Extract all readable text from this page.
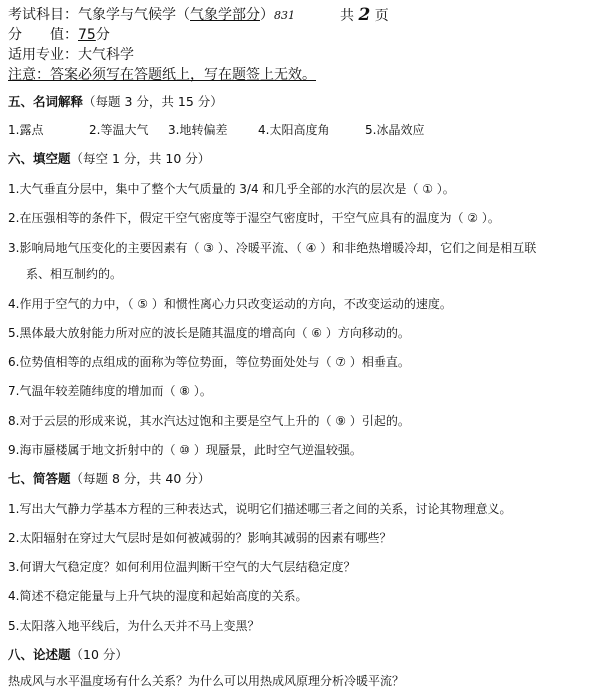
考试科目：气象学与气候学（气象学部分）831	共 2 页
分　　值：75分
适用专业：大气科学
注意：答案必须写在答题纸上，写在题签上无效。
五、名词解释（每题 3 分，共 15 分）
1.露点	2.等温大气 3.地转偏差	4.太阳高度角	5.冰晶效应
六、填空题（每空 1 分，共 10 分）
1.大气垂直分层中，集中了整个大气质量的 3/4 和几乎全部的水汽的层次是（ ① ）。
2.在压强相等的条件下，假定干空气密度等于湿空气密度时，干空气应具有的温度为（ ② ）。
3.影响局地气压变化的主要因素有（ ③ ）、冷暖平流、（ ④ ）和非绝热增暖冷却，它们之间是相互联
系、相互制约的。
4.作用于空气的力中，（ ⑤ ）和惯性离心力只改变运动的方向，不改变运动的速度。
5.黑体最大放射能力所对应的波长是随其温度的增高向（ ⑥ ）方向移动的。
6.位势值相等的点组成的面称为等位势面，等位势面处处与（ ⑦ ）相垂直。
7.气温年较差随纬度的增加而（ ⑧ ）。
8.对于云层的形成来说，其水汽达过饱和主要是空气上升的（ ⑨ ）引起的。
9.海市蜃楼属于地文折射中的（ ⑩ ）现蜃景，此时空气逆温较强。
七、简答题（每题 8 分，共 40 分）
1.写出大气静力学基本方程的三种表达式，说明它们描述哪三者之间的关系，讨论其物理意义。
2.太阳辐射在穿过大气层时是如何被减弱的？影响其减弱的因素有哪些？
3.何谓大气稳定度？如何利用位温判断干空气的大气层结稳定度？
4.简述不稳定能量与上升气块的湿度和起始高度的关系。
5.太阳落入地平线后，为什么天并不马上变黑？
八、论述题（10 分）
热成风与水平温度场有什么关系？为什么可以用热成风原理分析冷暖平流？
